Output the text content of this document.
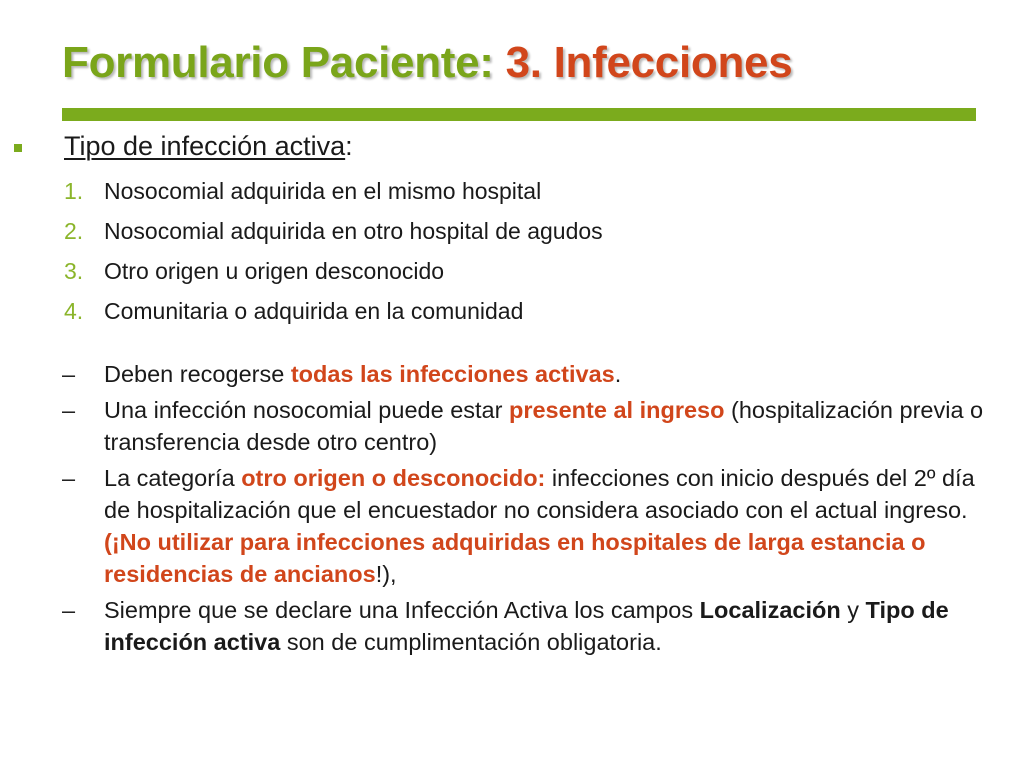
Formulario Paciente: 3. Infecciones
Tipo de infección activa:
1. Nosocomial adquirida en el mismo hospital
2. Nosocomial adquirida en otro hospital de agudos
3. Otro origen u origen desconocido
4. Comunitaria o adquirida en la comunidad
– Deben recogerse todas las infecciones activas.
– Una infección nosocomial puede estar presente al ingreso (hospitalización previa o transferencia desde otro centro)
– La categoría otro origen o desconocido: infecciones con inicio después del 2º día de hospitalización que el encuestador no considera asociado con el actual ingreso. (¡No utilizar para infecciones adquiridas en hospitales de larga estancia o residencias de ancianos!),
– Siempre que se declare una Infección Activa los campos Localización y Tipo de infección activa son de cumplimentación obligatoria.
